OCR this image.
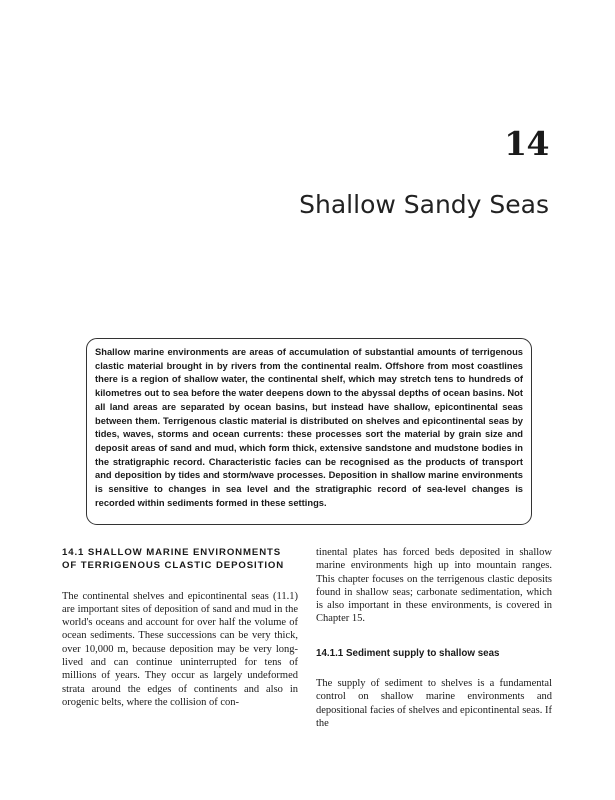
14
Shallow Sandy Seas

Shallow marine environments are areas of accumulation of substantial amounts of terrigenous clastic material brought in by rivers from the continental realm. Offshore from most coastlines there is a region of shallow water, the continental shelf, which may stretch tens to hundreds of kilometres out to sea before the water deepens down to the abyssal depths of ocean basins. Not all land areas are separated by ocean basins, but instead have shallow, epicontinental seas between them. Terrigenous clastic material is distributed on shelves and epicontinental seas by tides, waves, storms and ocean currents: these processes sort the material by grain size and deposit areas of sand and mud, which form thick, extensive sandstone and mudstone bodies in the stratigraphic record. Characteristic facies can be recognised as the products of transport and deposition by tides and storm/wave processes. Deposition in shallow marine environments is sensitive to changes in sea level and the stratigraphic record of sea-level changes is recorded within sediments formed in these settings.

14.1 SHALLOW MARINE ENVIRONMENTS OF TERRIGENOUS CLASTIC DEPOSITION

The continental shelves and epicontinental seas (11.1) are important sites of deposition of sand and mud in the world's oceans and account for over half the volume of ocean sediments. These successions can be very thick, over 10,000 m, because deposition may be very long-lived and can continue uninterrupted for tens of millions of years. They occur as largely undeformed strata around the edges of continents and also in orogenic belts, where the collision of con-

tinental plates has forced beds deposited in shallow marine environments high up into mountain ranges. This chapter focuses on the terrigenous clastic deposits found in shallow seas; carbonate sedimentation, which is also important in these environments, is covered in Chapter 15.

14.1.1 Sediment supply to shallow seas

The supply of sediment to shelves is a fundamental control on shallow marine environments and depositional facies of shelves and epicontinental seas. If the
